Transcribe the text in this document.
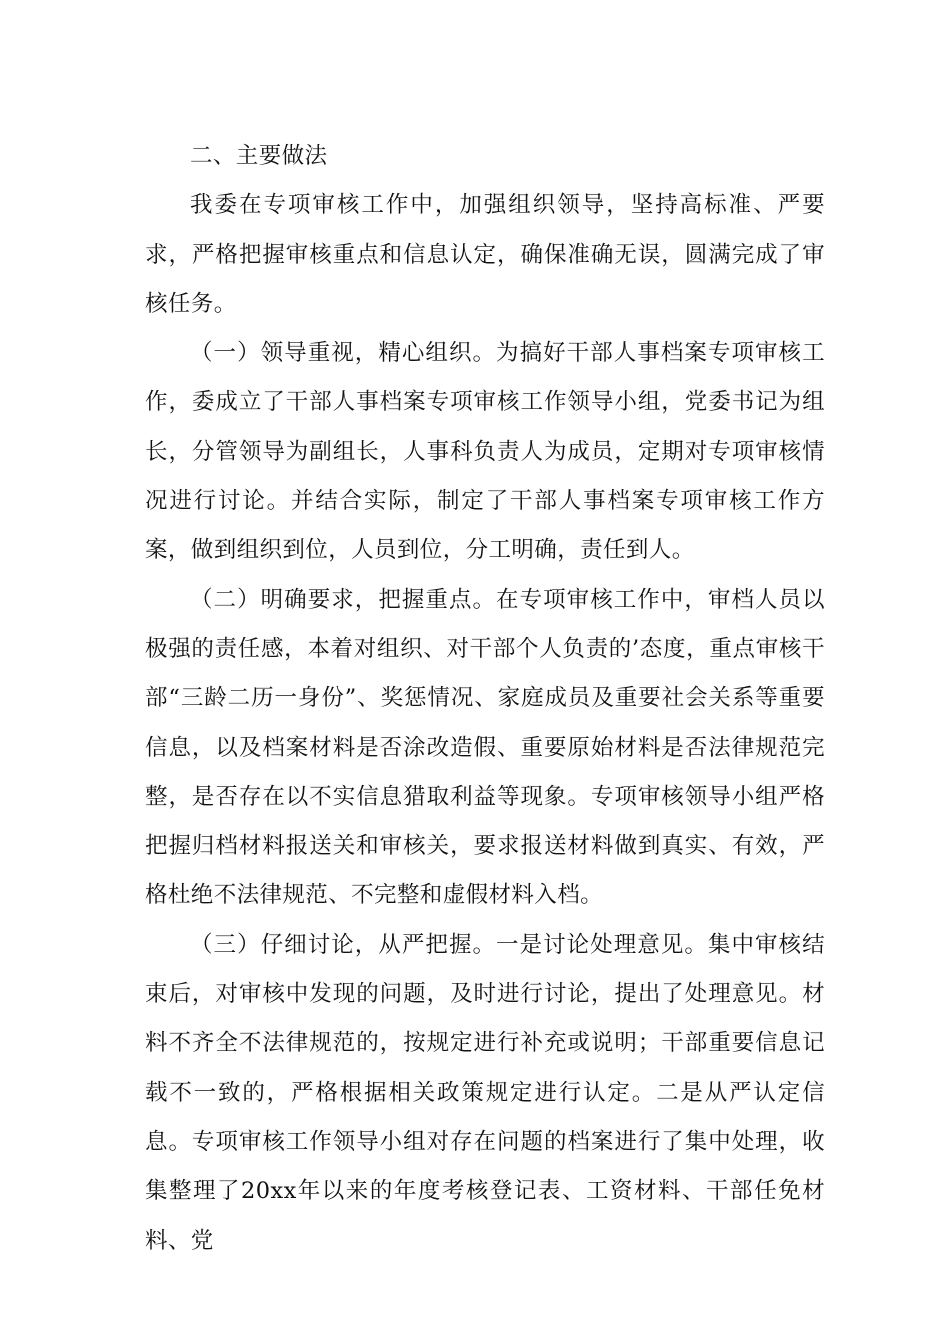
二、主要做法

我委在专项审核工作中，加强组织领导，坚持高标准、严要求，严格把握审核重点和信息认定，确保准确无误，圆满完成了审核任务。

（一）领导重视，精心组织。为搞好干部人事档案专项审核工作，委成立了干部人事档案专项审核工作领导小组，党委书记为组长，分管领导为副组长，人事科负责人为成员，定期对专项审核情况进行讨论。并结合实际，制定了干部人事档案专项审核工作方案，做到组织到位，人员到位，分工明确，责任到人。

（二）明确要求，把握重点。在专项审核工作中，审档人员以极强的责任感，本着对组织、对干部个人负责的’态度，重点审核干部“三龄二历一身份”、奖惩情况、家庭成员及重要社会关系等重要信息，以及档案材料是否涂改造假、重要原始材料是否法律规范完整，是否存在以不实信息猎取利益等现象。专项审核领导小组严格把握归档材料报送关和审核关，要求报送材料做到真实、有效，严格杜绝不法律规范、不完整和虚假材料入档。

（三）仔细讨论，从严把握。一是讨论处理意见。集中审核结束后，对审核中发现的问题，及时进行讨论，提出了处理意见。材料不齐全不法律规范的，按规定进行补充或说明；干部重要信息记载不一致的，严格根据相关政策规定进行认定。二是从严认定信息。专项审核工作领导小组对存在问题的档案进行了集中处理，收集整理了20xx年以来的年度考核登记表、工资材料、干部任免材料、党
